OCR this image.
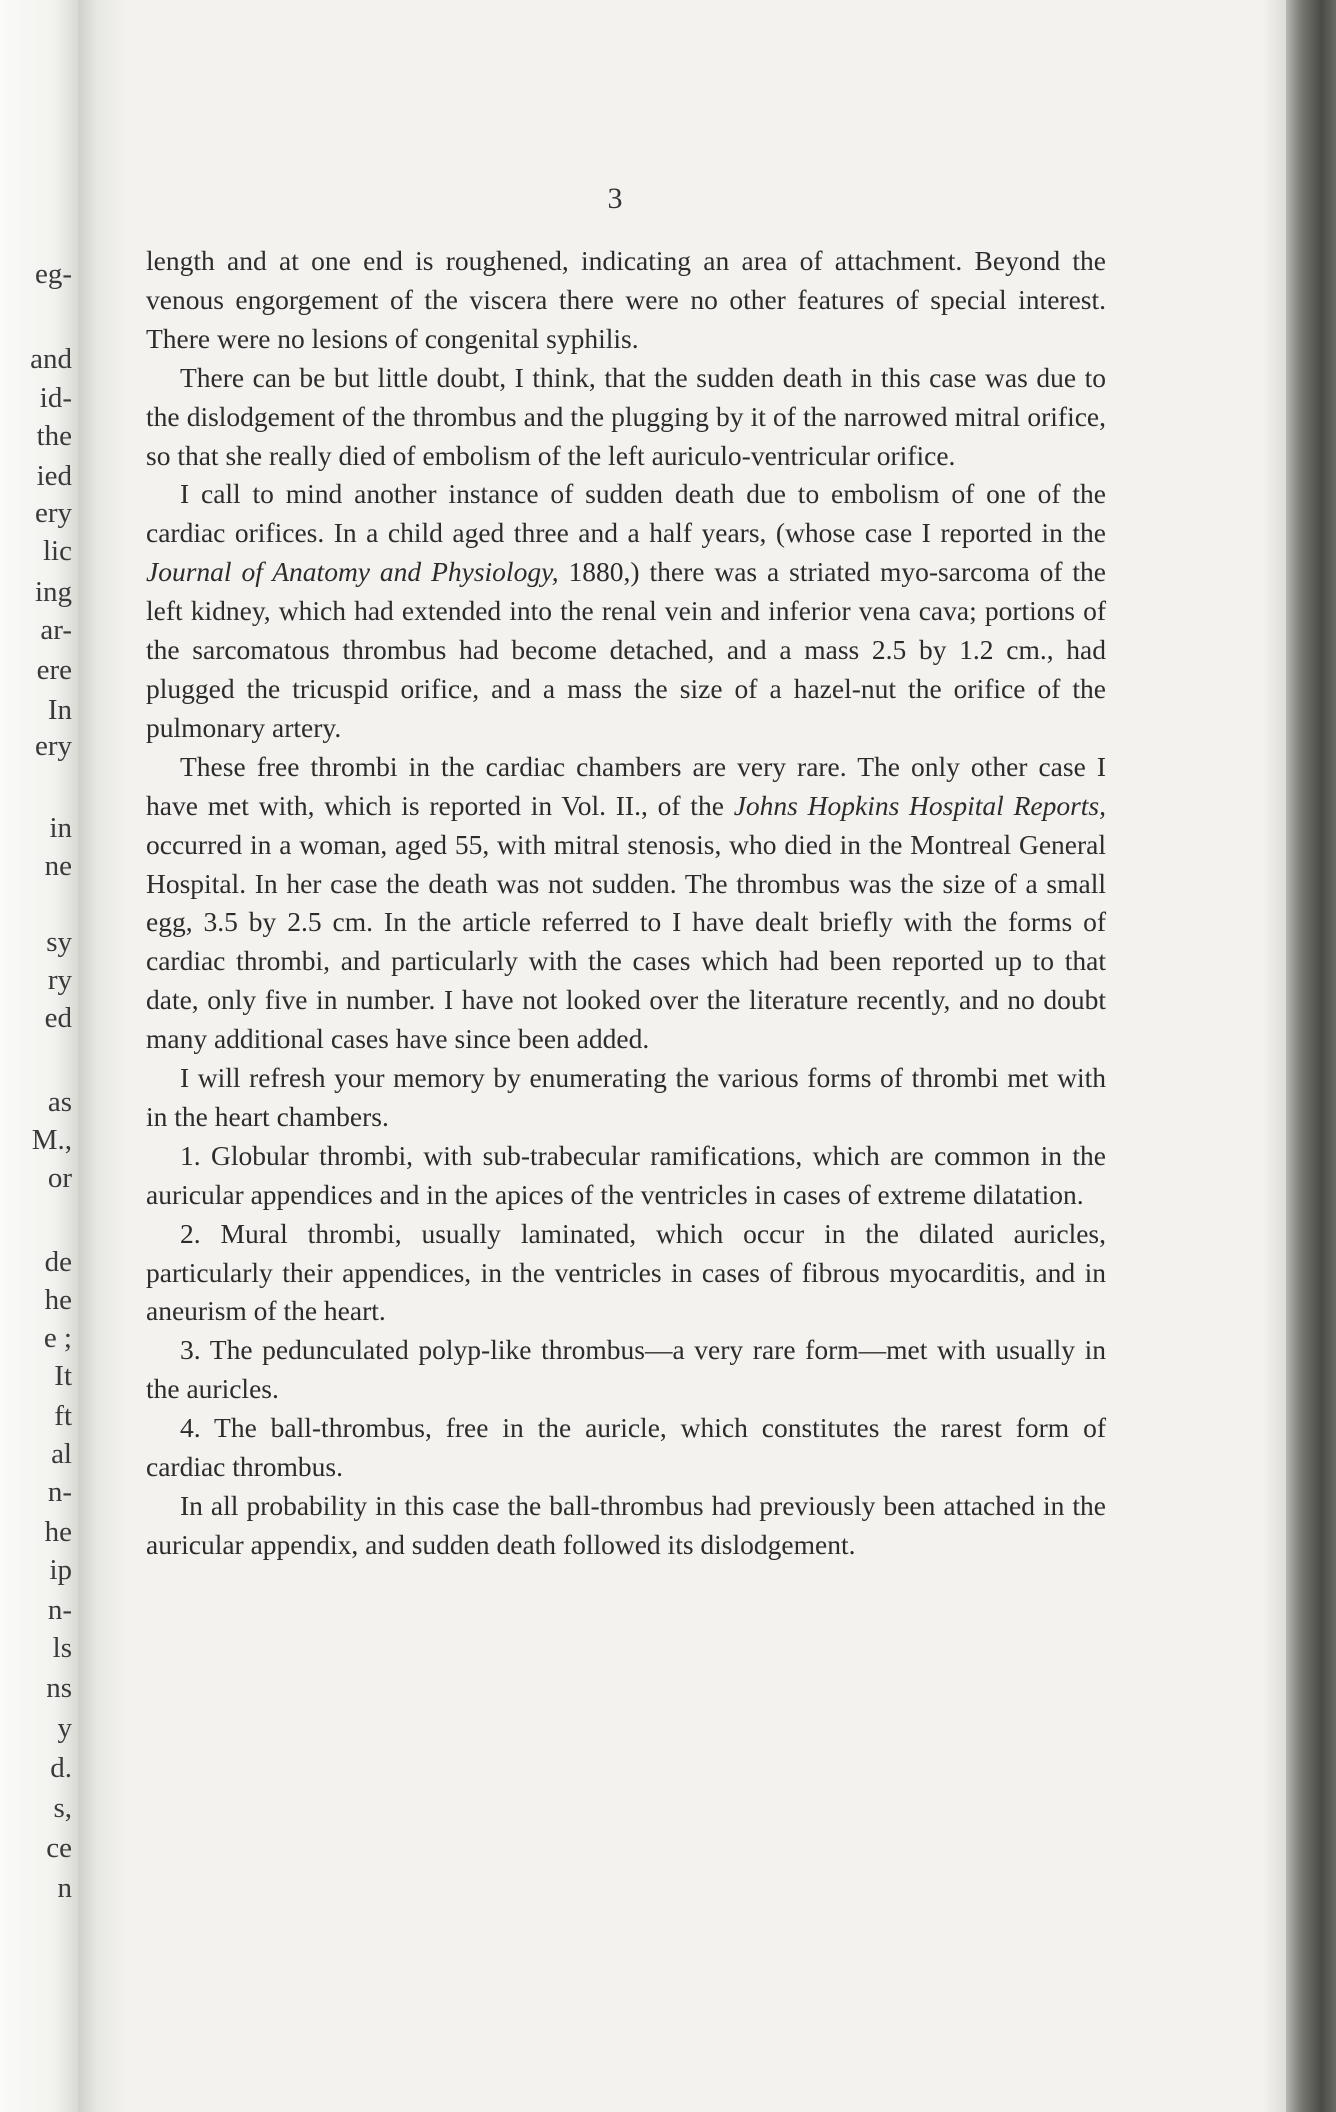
eg-
and
id-
the
ied
ery
lic
ing
ar-
ere
In
ery
in
ne
sy
ry
ed
as
M.,
or
de
he
e ;
It
ft
al
n-
he
ip
n-
ls
ns
y
d.
s,
ce
n
3

length and at one end is roughened, indicating an area of attachment. Beyond the venous engorgement of the viscera there were no other features of special interest. There were no lesions of congenital syphilis.

There can be but little doubt, I think, that the sudden death in this case was due to the dislodgement of the thrombus and the plugging by it of the narrowed mitral orifice, so that she really died of embolism of the left auriculo-ventricular orifice.

I call to mind another instance of sudden death due to embolism of one of the cardiac orifices. In a child aged three and a half years, (whose case I reported in the Journal of Anatomy and Physiology, 1880,) there was a striated myo-sarcoma of the left kidney, which had extended into the renal vein and inferior vena cava; portions of the sarcomatous thrombus had become detached, and a mass 2.5 by 1.2 cm., had plugged the tricuspid orifice, and a mass the size of a hazel-nut the orifice of the pulmonary artery.

These free thrombi in the cardiac chambers are very rare. The only other case I have met with, which is reported in Vol. II., of the Johns Hopkins Hospital Reports, occurred in a woman, aged 55, with mitral stenosis, who died in the Montreal General Hospital. In her case the death was not sudden. The thrombus was the size of a small egg, 3.5 by 2.5 cm. In the article referred to I have dealt briefly with the forms of cardiac thrombi, and particularly with the cases which had been reported up to that date, only five in number. I have not looked over the literature recently, and no doubt many additional cases have since been added.

I will refresh your memory by enumerating the various forms of thrombi met with in the heart chambers.

1. Globular thrombi, with sub-trabecular ramifications, which are common in the auricular appendices and in the apices of the ventricles in cases of extreme dilatation.

2. Mural thrombi, usually laminated, which occur in the dilated auricles, particularly their appendices, in the ventricles in cases of fibrous myocarditis, and in aneurism of the heart.

3. The pedunculated polyp-like thrombus—a very rare form—met with usually in the auricles.

4. The ball-thrombus, free in the auricle, which constitutes the rarest form of cardiac thrombus.

In all probability in this case the ball-thrombus had previously been attached in the auricular appendix, and sudden death followed its dislodgement.
